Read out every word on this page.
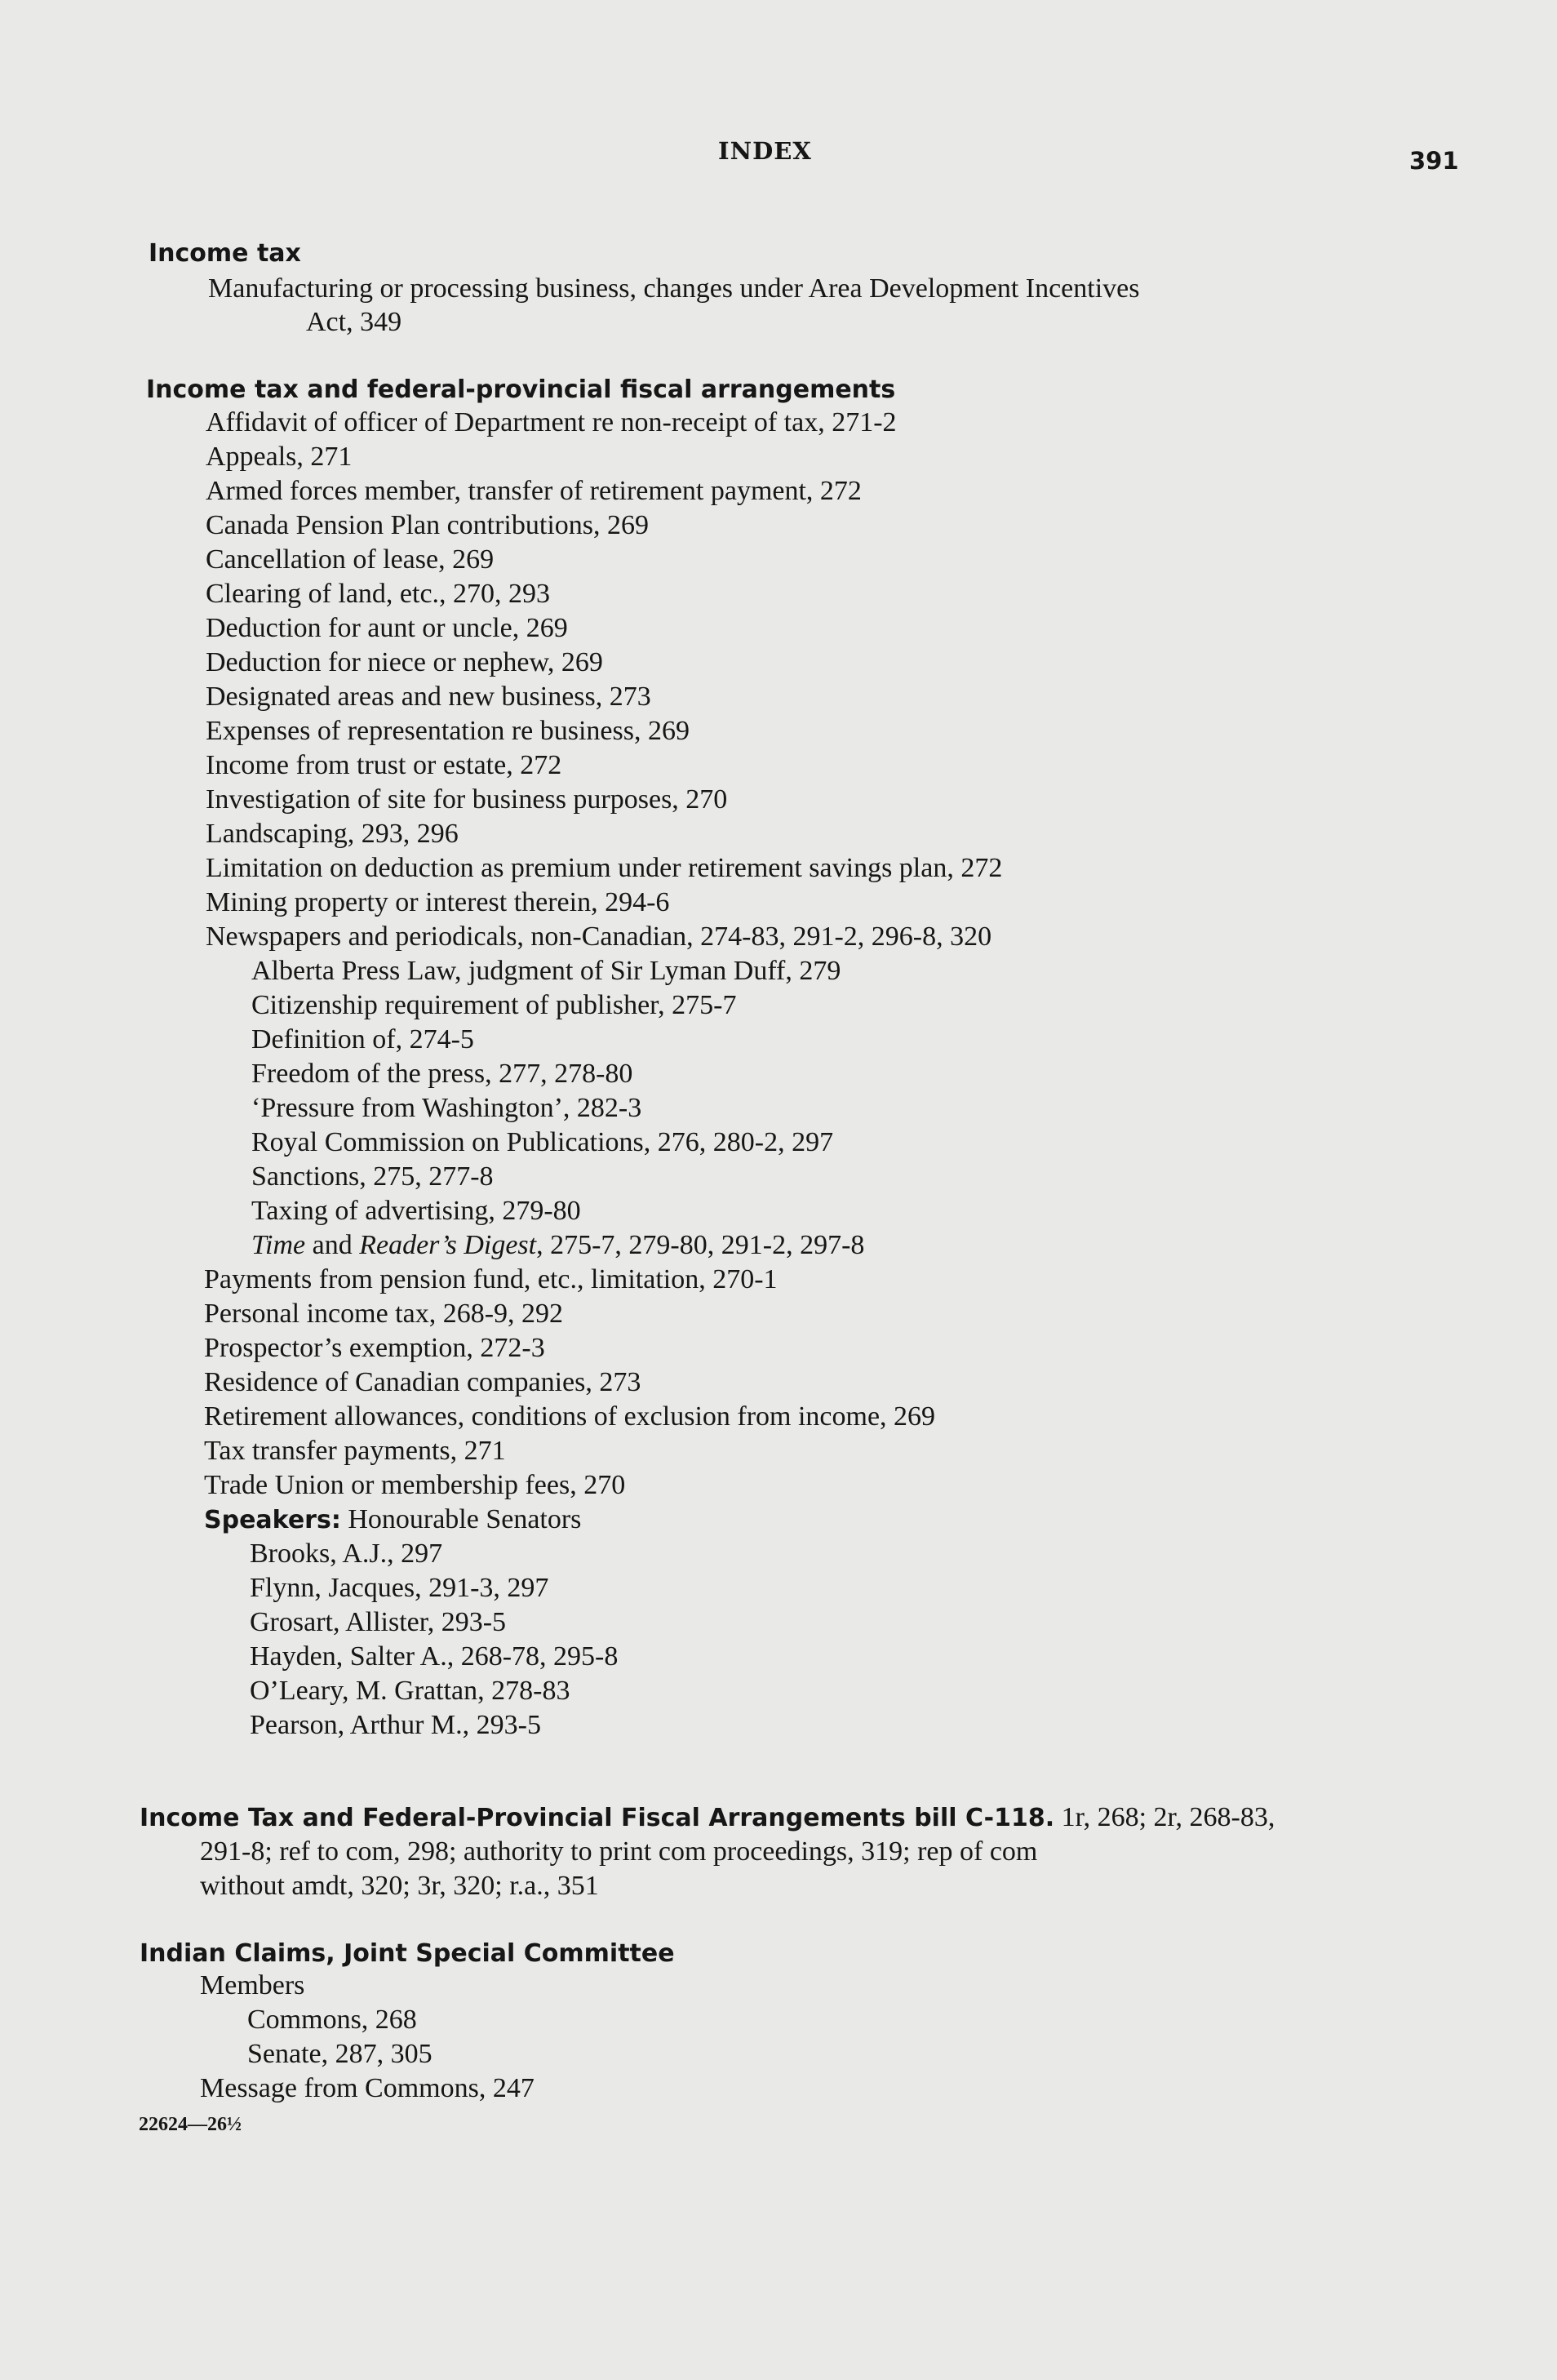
INDEX	391
Income tax
Manufacturing or processing business, changes under Area Development Incentives
Act, 349
Income tax and federal-provincial fiscal arrangements
Affidavit of officer of Department re non-receipt of tax, 271-2
Appeals, 271
Armed forces member, transfer of retirement payment, 272
Canada Pension Plan contributions, 269
Cancellation of lease, 269
Clearing of land, etc., 270, 293
Deduction for aunt or uncle, 269
Deduction for niece or nephew, 269
Designated areas and new business, 273
Expenses of representation re business, 269
Income from trust or estate, 272
Investigation of site for business purposes, 270
Landscaping, 293, 296
Limitation on deduction as premium under retirement savings plan, 272
Mining property or interest therein, 294-6
Newspapers and periodicals, non-Canadian, 274-83, 291-2, 296-8, 320
Alberta Press Law, judgment of Sir Lyman Duff, 279
Citizenship requirement of publisher, 275-7
Definition of, 274-5
Freedom of the press, 277, 278-80
‘Pressure from Washington’, 282-3
Royal Commission on Publications, 276, 280-2, 297
Sanctions, 275, 277-8
Taxing of advertising, 279-80
Time and Reader’s Digest, 275-7, 279-80, 291-2, 297-8
Payments from pension fund, etc., limitation, 270-1
Personal income tax, 268-9, 292
Prospector’s exemption, 272-3
Residence of Canadian companies, 273
Retirement allowances, conditions of exclusion from income, 269
Tax transfer payments, 271
Trade Union or membership fees, 270
Speakers: Honourable Senators
Brooks, A.J., 297
Flynn, Jacques, 291-3, 297
Grosart, Allister, 293-5
Hayden, Salter A., 268-78, 295-8
O’Leary, M. Grattan, 278-83
Pearson, Arthur M., 293-5
Income Tax and Federal-Provincial Fiscal Arrangements bill C-118. 1r, 268; 2r, 268-83,
291-8; ref to com, 298; authority to print com proceedings, 319; rep of com
without amdt, 320; 3r, 320; r.a., 351
Indian Claims, Joint Special Committee
Members
Commons, 268
Senate, 287, 305
Message from Commons, 247
22624—26½
